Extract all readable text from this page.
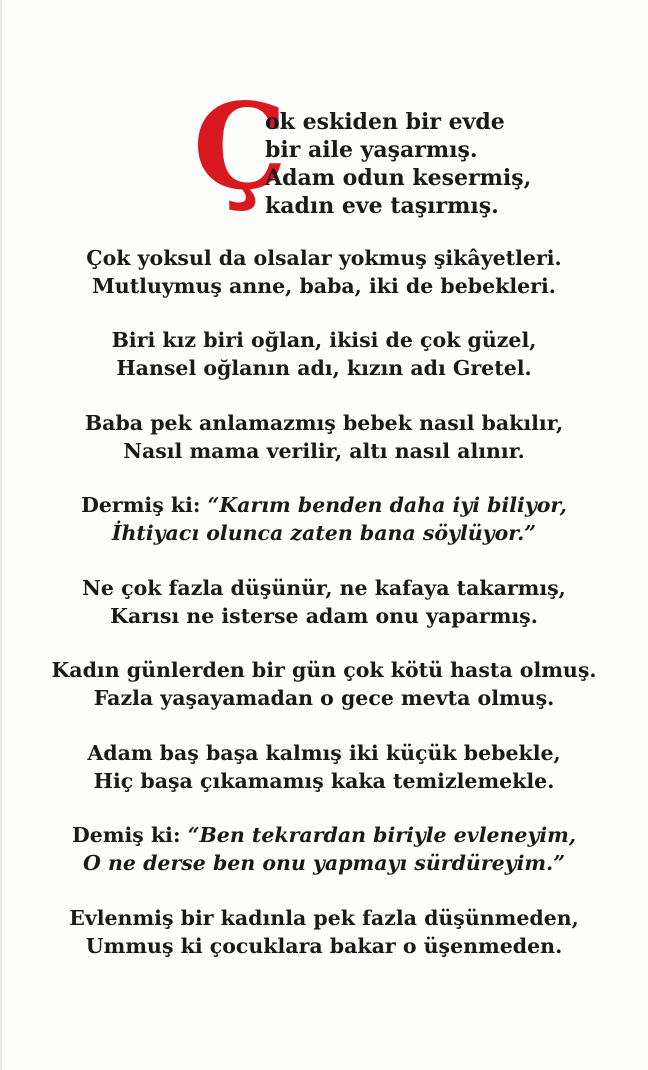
Ç
ok eskiden bir evde
bir aile yaşarmış.
Adam odun kesermiş,
kadın eve taşırmış.
Çok yoksul da olsalar yokmuş şikâyetleri.
Mutluymuş anne, baba, iki de bebekleri.
Biri kız biri oğlan, ikisi de çok güzel,
Hansel oğlanın adı, kızın adı Gretel.
Baba pek anlamazmış bebek nasıl bakılır,
Nasıl mama verilir, altı nasıl alınır.
Dermiş ki: “Karım benden daha iyi biliyor,
İhtiyacı olunca zaten bana söylüyor.”
Ne çok fazla düşünür, ne kafaya takarmış,
Karısı ne isterse adam onu yaparmış.
Kadın günlerden bir gün çok kötü hasta olmuş.
Fazla yaşayamadan o gece mevta olmuş.
Adam baş başa kalmış iki küçük bebekle,
Hiç başa çıkamamış kaka temizlemekle.
Demiş ki: “Ben tekrardan biriyle evleneyim,
O ne derse ben onu yapmayı sürdüreyim.”
Evlenmiş bir kadınla pek fazla düşünmeden,
Ummuş ki çocuklara bakar o üşenmeden.
